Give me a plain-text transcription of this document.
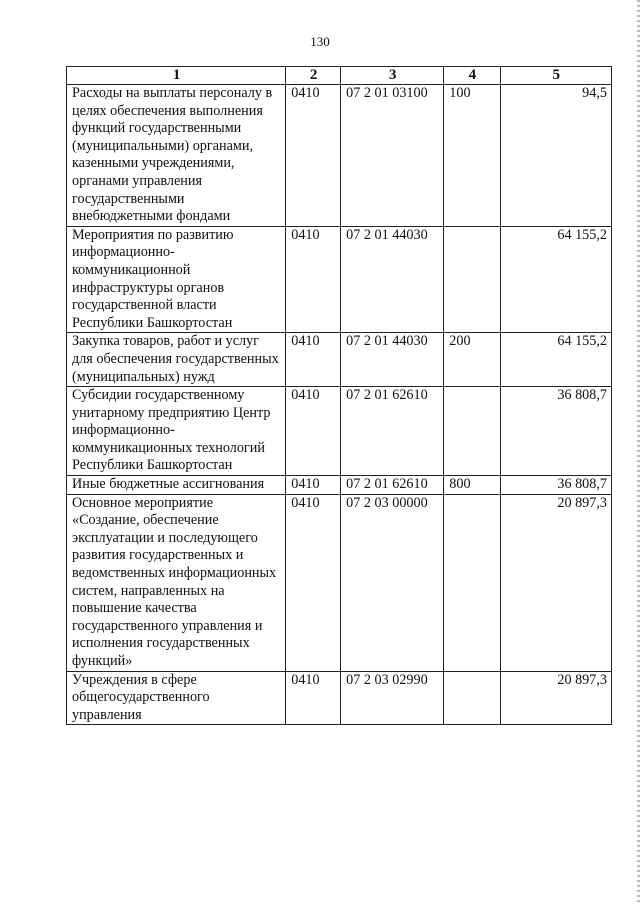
130
1	2	3	4	5
Расходы на выплаты персоналу в целях обеспечения выполнения функций государственными (муниципальными) органами, казенными учреждениями, органами управления государственными внебюджетными фондами	0410	07 2 01 03100	100	94,5
Мероприятия по развитию информационно-коммуникационной инфраструктуры органов государственной власти Республики Башкортостан	0410	07 2 01 44030		64 155,2
Закупка товаров, работ и услуг для обеспечения государственных (муниципальных) нужд	0410	07 2 01 44030	200	64 155,2
Субсидии государственному унитарному предприятию Центр информационно-коммуникационных технологий Республики Башкортостан	0410	07 2 01 62610		36 808,7
Иные бюджетные ассигнования	0410	07 2 01 62610	800	36 808,7
Основное мероприятие «Создание, обеспечение эксплуатации и последующего развития государственных и ведомственных информационных систем, направленных на повышение качества государственного управления и исполнения государственных функций»	0410	07 2 03 00000		20 897,3
Учреждения в сфере общегосударственного управления	0410	07 2 03 02990		20 897,3
